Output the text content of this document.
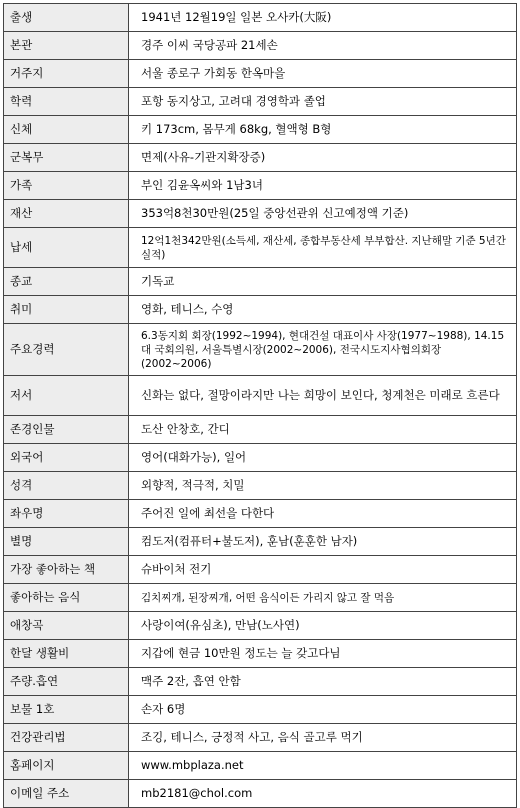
출생	1941년 12월19일 일본 오사카(大阪)
본관	경주 이씨 국당공파 21세손
거주지	서울 종로구 가회동 한옥마을
학력	포항 동지상고, 고려대 경영학과 졸업
신체	키 173cm, 몸무게 68kg, 혈액형 B형
군복무	면제(사유-기관지확장증)
가족	부인 김윤옥씨와 1남3녀
재산	353억8천30만원(25일 중앙선관위 신고예정액 기준)
납세	12억1천342만원(소득세, 재산세, 종합부동산세 부부합산. 지난해말 기준 5년간 실적)
종교	기독교
취미	영화, 테니스, 수영
주요경력	6.3동지회 회장(1992~1994), 현대건설 대표이사 사장(1977~1988), 14.15대 국회의원, 서울특별시장(2002~2006), 전국시도지사협의회장(2002~2006)
저서	신화는 없다, 절망이라지만 나는 희망이 보인다, 청계천은 미래로 흐른다
존경인물	도산 안창호, 간디
외국어	영어(대화가능), 일어
성격	외향적, 적극적, 치밀
좌우명	주어진 일에 최선을 다한다
별명	컴도저(컴퓨터+불도저), 훈남(훈훈한 남자)
가장 좋아하는 책	슈바이처 전기
좋아하는 음식	김치찌개, 된장찌개, 어떤 음식이든 가리지 않고 잘 먹음
애창곡	사랑이여(유심초), 만남(노사연)
한달 생활비	지갑에 현금 10만원 정도는 늘 갖고다님
주량.흡연	맥주 2잔, 흡연 안함
보물 1호	손자 6명
건강관리법	조깅, 테니스, 긍정적 사고, 음식 골고루 먹기
홈페이지	www.mbplaza.net
이메일 주소	mb2181@chol.com
